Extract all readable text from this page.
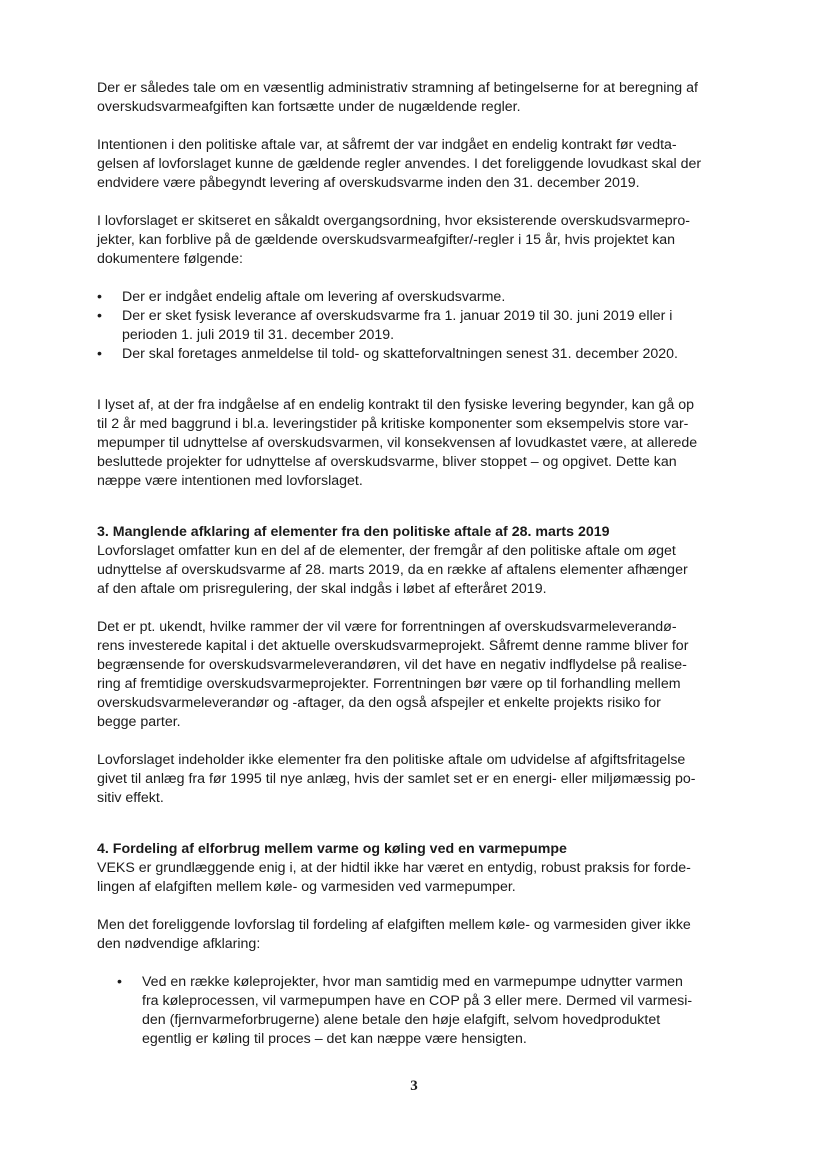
Der er således tale om en væsentlig administrativ stramning af betingelserne for at beregning af
overskudsvarmeafgiften kan fortsætte under de nugældende regler.
Intentionen i den politiske aftale var, at såfremt der var indgået en endelig kontrakt før vedta-
gelsen af lovforslaget kunne de gældende regler anvendes. I det foreliggende lovudkast skal der
endvidere være påbegyndt levering af overskudsvarme inden den 31. december 2019.
I lovforslaget er skitseret en såkaldt overgangsordning, hvor eksisterende overskudsvarmepro-
jekter, kan forblive på de gældende overskudsvarmeafgifter/-regler i 15 år, hvis projektet kan
dokumentere følgende:
• Der er indgået endelig aftale om levering af overskudsvarme.
• Der er sket fysisk leverance af overskudsvarme fra 1. januar 2019 til 30. juni 2019 eller i
perioden 1. juli 2019 til 31. december 2019.
• Der skal foretages anmeldelse til told- og skatteforvaltningen senest 31. december 2020.
I lyset af, at der fra indgåelse af en endelig kontrakt til den fysiske levering begynder, kan gå op
til 2 år med baggrund i bl.a. leveringstider på kritiske komponenter som eksempelvis store var-
mepumper til udnyttelse af overskudsvarmen, vil konsekvensen af lovudkastet være, at allerede
besluttede projekter for udnyttelse af overskudsvarme, bliver stoppet – og opgivet. Dette kan
næppe være intentionen med lovforslaget.
3. Manglende afklaring af elementer fra den politiske aftale af 28. marts 2019
Lovforslaget omfatter kun en del af de elementer, der fremgår af den politiske aftale om øget
udnyttelse af overskudsvarme af 28. marts 2019, da en række af aftalens elementer afhænger
af den aftale om prisregulering, der skal indgås i løbet af efteråret 2019.
Det er pt. ukendt, hvilke rammer der vil være for forrentningen af overskudsvarmeleverandø-
rens investerede kapital i det aktuelle overskudsvarmeprojekt. Såfremt denne ramme bliver for
begrænsende for overskudsvarmeleverandøren, vil det have en negativ indflydelse på realise-
ring af fremtidige overskudsvarmeprojekter. Forrentningen bør være op til forhandling mellem
overskudsvarmeleverandør og -aftager, da den også afspejler et enkelte projekts risiko for
begge parter.
Lovforslaget indeholder ikke elementer fra den politiske aftale om udvidelse af afgiftsfritagelse
givet til anlæg fra før 1995 til nye anlæg, hvis der samlet set er en energi- eller miljømæssig po-
sitiv effekt.
4. Fordeling af elforbrug mellem varme og køling ved en varmepumpe
VEKS er grundlæggende enig i, at der hidtil ikke har været en entydig, robust praksis for forde-
lingen af elafgiften mellem køle- og varmesiden ved varmepumper.
Men det foreliggende lovforslag til fordeling af elafgiften mellem køle- og varmesiden giver ikke
den nødvendige afklaring:
• Ved en række køleprojekter, hvor man samtidig med en varmepumpe udnytter varmen
fra køleprocessen, vil varmepumpen have en COP på 3 eller mere. Dermed vil varmesi-
den (fjernvarmeforbrugerne) alene betale den høje elafgift, selvom hovedproduktet
egentlig er køling til proces – det kan næppe være hensigten.
3
